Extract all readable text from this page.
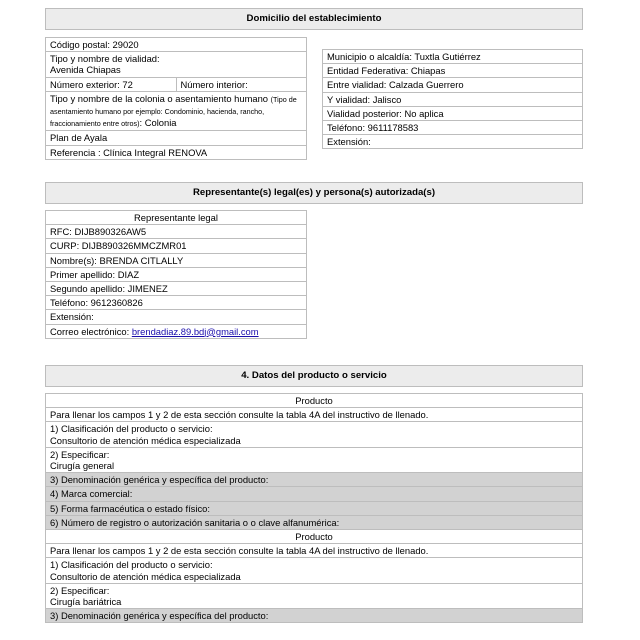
Domicilio del establecimiento
Código postal: 29020

Tipo y nombre de vialidad:
Avenida Chiapas

Número exterior: 72	Número interior:

Tipo y nombre de la colonia o asentamiento humano (Tipo de asentamiento humano por ejemplo: Condominio, hacienda, rancho, fraccionamiento entre otros): Colonia
Plan de Ayala
Referencia : Clínica Integral RENOVA
Municipio o alcaldía: Tuxtla Gutiérrez
Entidad Federativa: Chiapas
Entre vialidad: Calzada Guerrero
Y vialidad: Jalisco
Vialidad posterior: No aplica
Teléfono: 9611178583
Extensión:
Representante(s) legal(es) y persona(s) autorizada(s)
Representante legal
RFC: DIJB890326AW5
CURP: DIJB890326MMCZMR01
Nombre(s): BRENDA CITLALLY
Primer apellido: DIAZ
Segundo apellido: JIMENEZ
Teléfono: 9612360826
Extensión:
Correo electrónico: brendadiaz.89.bdj@gmail.com
4. Datos del producto o servicio
Producto
Para llenar los campos 1 y 2 de esta sección consulte la tabla 4A del instructivo de llenado.

1) Clasificación del producto o servicio:
Consultorio de atención médica especializada

2) Especificar:
Cirugía general

3) Denominación genérica y específica del producto:
4) Marca comercial:
5) Forma farmacéutica o estado físico:
6) Número de registro o autorización sanitaria o o clave alfanumérica:
Producto
Para llenar los campos 1 y 2 de esta sección consulte la tabla 4A del instructivo de llenado.

1) Clasificación del producto o servicio:
Consultorio de atención médica especializada

2) Especificar:
Cirugía bariátrica

3) Denominación genérica y específica del producto:
